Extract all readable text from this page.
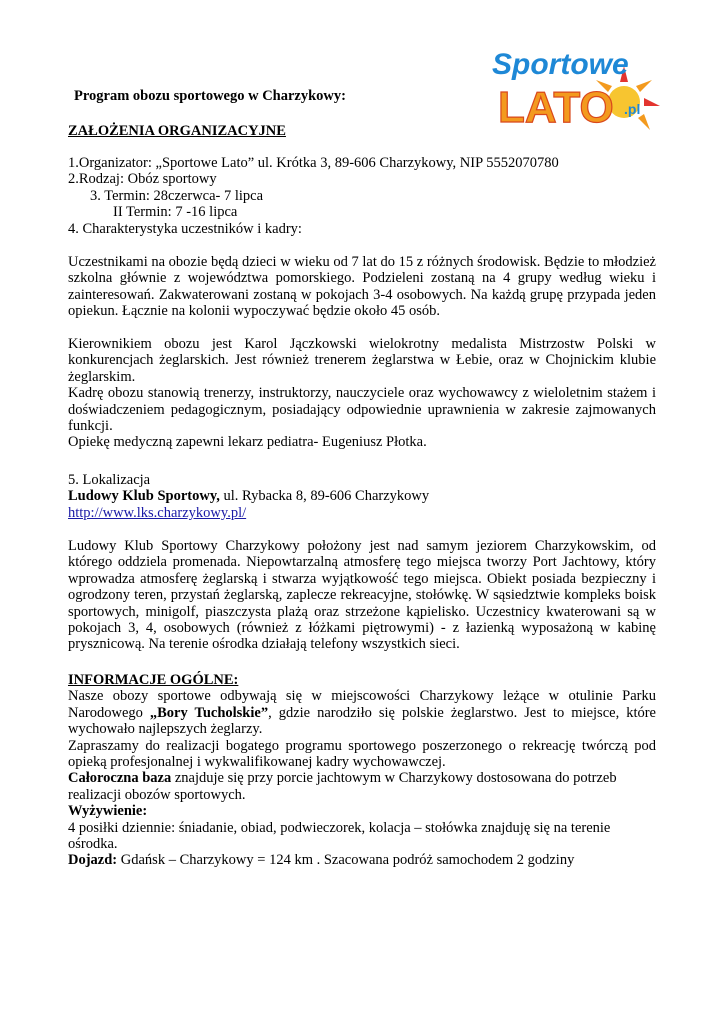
Sportowe
LATO .pl

Program obozu sportowego w Charzykowy:

ZAŁOŻENIA ORGANIZACYJNE

1.Organizator: „Sportowe Lato” ul. Krótka 3, 89-606 Charzykowy, NIP 5552070780

2.Rodzaj: Obóz sportowy

3. Termin: 28czerwca- 7 lipca

II Termin: 7 -16 lipca

4. Charakterystyka uczestników i kadry:

Uczestnikami na obozie będą dzieci w wieku od 7 lat do 15 z różnych środowisk. Będzie to młodzież szkolna głównie z województwa pomorskiego. Podzieleni zostaną na 4 grupy według wieku i zainteresowań. Zakwaterowani zostaną w pokojach 3-4 osobowych. Na każdą grupę przypada jeden opiekun. Łącznie na kolonii wypoczywać będzie około 45 osób.

Kierownikiem obozu jest Karol Jączkowski wielokrotny medalista Mistrzostw Polski w konkurencjach żeglarskich. Jest również trenerem żeglarstwa w Łebie, oraz w Chojnickim klubie żeglarskim.

Kadrę obozu stanowią trenerzy, instruktorzy, nauczyciele oraz wychowawcy z wieloletnim stażem i doświadczeniem pedagogicznym, posiadający odpowiednie uprawnienia w zakresie zajmowanych funkcji.

Opiekę medyczną zapewni lekarz pediatra- Eugeniusz Płotka.

5. Lokalizacja

Ludowy Klub Sportowy, ul. Rybacka 8, 89-606 Charzykowy

http://www.lks.charzykowy.pl/

Ludowy Klub Sportowy Charzykowy położony jest nad samym jeziorem Charzykowskim, od którego oddziela promenada. Niepowtarzalną atmosferę tego miejsca tworzy Port Jachtowy, który wprowadza atmosferę żeglarską i stwarza wyjątkowość tego miejsca. Obiekt posiada bezpieczny i ogrodzony teren, przystań żeglarską, zaplecze rekreacyjne, stołówkę. W sąsiedztwie kompleks boisk sportowych, minigolf, piaszczysta plażą oraz strzeżone kąpielisko. Uczestnicy kwaterowani są w pokojach 3, 4, osobowych (również z łóżkami piętrowymi) - z łazienką wyposażoną w kabinę prysznicową. Na terenie ośrodka działają telefony wszystkich sieci.

INFORMACJE OGÓLNE:

Nasze obozy sportowe odbywają się w miejscowości Charzykowy leżące w otulinie Parku Narodowego „Bory Tucholskie”, gdzie narodziło się polskie żeglarstwo. Jest to miejsce, które wychowało najlepszych żeglarzy.

Zapraszamy do realizacji bogatego programu sportowego poszerzonego o rekreację twórczą pod opieką profesjonalnej i wykwalifikowanej kadry wychowawczej.

Całoroczna baza znajduje się przy porcie jachtowym w Charzykowy dostosowana do potrzeb realizacji obozów sportowych.

Wyżywienie:

4 posiłki dziennie: śniadanie, obiad, podwieczorek, kolacja – stołówka znajduję się na terenie ośrodka.

Dojazd: Gdańsk – Charzykowy = 124 km . Szacowana podróż samochodem 2 godziny
